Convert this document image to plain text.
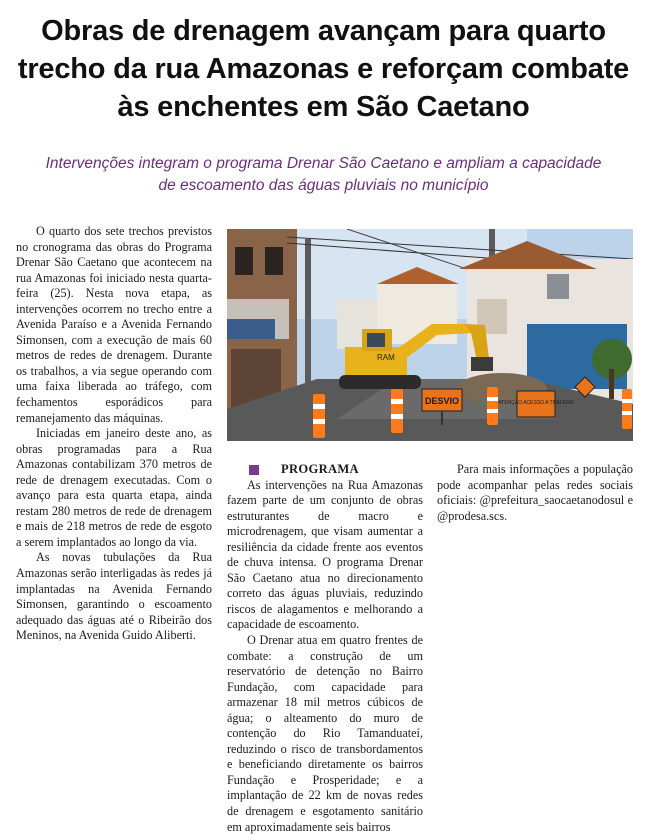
Obras de drenagem avançam para quarto trecho da rua Amazonas e reforçam combate às enchentes em São Caetano
Intervenções integram o programa Drenar São Caetano e ampliam a capacidade de escoamento das águas pluviais no município

O quarto dos sete trechos previstos no cronograma das obras do Programa Drenar São Caetano que acontecem na rua Amazonas foi iniciado nesta quarta-feira (25). Nesta nova etapa, as intervenções ocorrem no trecho entre a Avenida Paraíso e a Avenida Fernando Simonsen, com a execução de mais 60 metros de redes de drenagem. Durante os trabalhos, a via segue operando com uma faixa liberada ao tráfego, com fechamentos esporádicos para remanejamento das máquinas.

Iniciadas em janeiro deste ano, as obras programadas para a Rua Amazonas contabilizam 370 metros de rede de drenagem executadas. Com o avanço para esta quarta etapa, ainda restam 280 metros de rede de drenagem e mais de 218 metros de rede de esgoto a serem implantados ao longo da via.

As novas tubulações da Rua Amazonas serão interligadas às redes já implantadas na Avenida Fernando Simonsen, garantindo o escoamento adequado das águas até o Ribeirão dos Meninos, na Avenida Guido Aliberti.

RAM
DESVIO	ATENÇÃO ACESSO A TRÁFEGO
PROGRAMA

As intervenções na Rua Amazonas fazem parte de um conjunto de obras estruturantes de macro e microdrenagem, que visam aumentar a resiliência da cidade frente aos eventos de chuva intensa. O programa Drenar São Caetano atua no direcionamento correto das águas pluviais, reduzindo riscos de alagamentos e melhorando a capacidade de escoamento.

O Drenar atua em quatro frentes de combate: a construção de um reservatório de detenção no Bairro Fundação, com capacidade para armazenar 18 mil metros cúbicos de água; o alteamento do muro de contenção do Rio Tamanduateí, reduzindo o risco de transbordamentos e beneficiando diretamente os bairros Fundação e Prosperidade; e a implantação de 22 km de novas redes de drenagem e esgotamento sanitário em aproximadamente seis bairros

Para mais informações a população pode acompanhar pelas redes sociais oficiais: @prefeitura_saocaetanodosul e @prodesa.scs.
